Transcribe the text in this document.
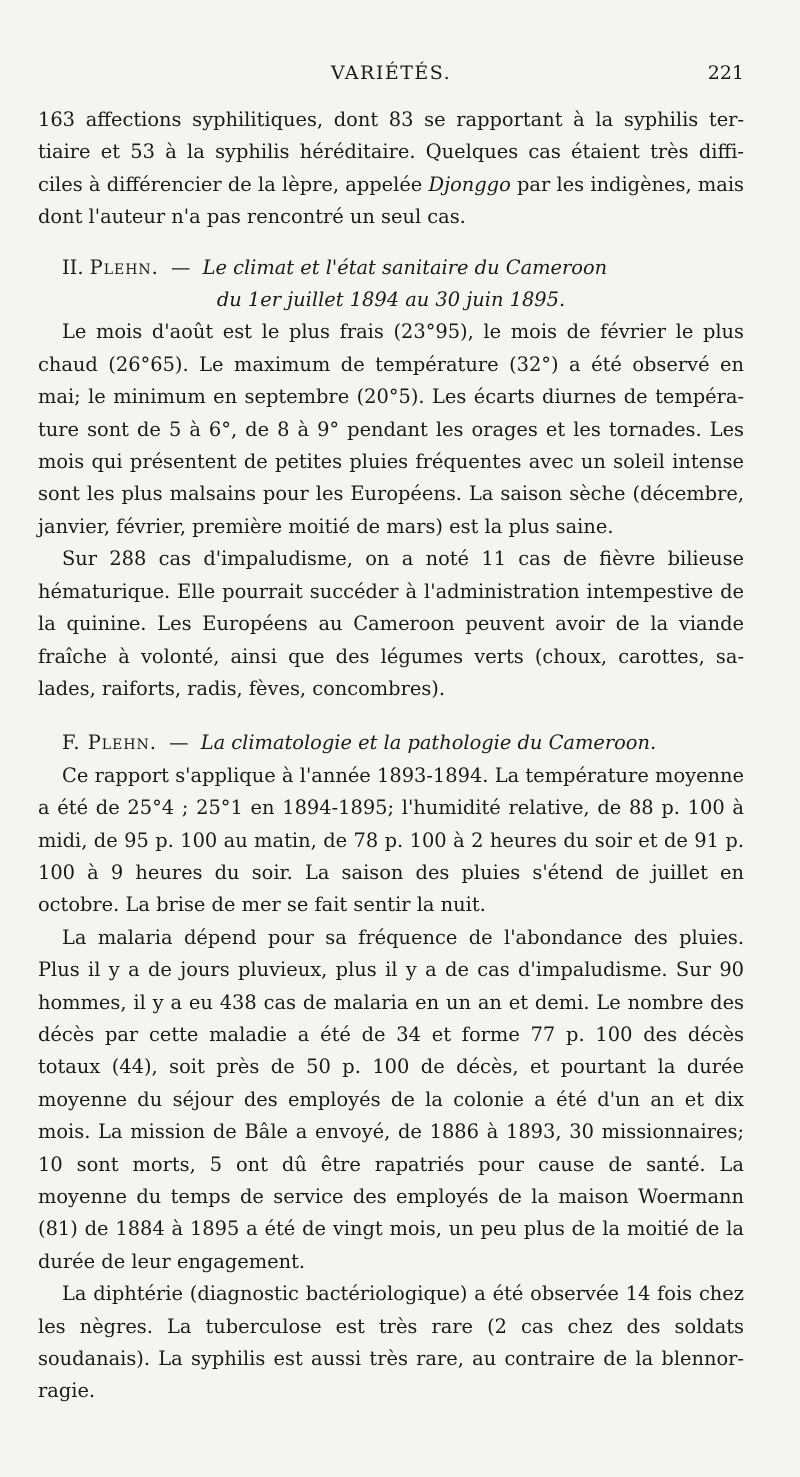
VARIÉTÉS.	221

163 affections syphilitiques, dont 83 se rapportant à la syphilis ter- tiaire et 53 à la syphilis héréditaire. Quelques cas étaient très diffi- ciles à différencier de la lèpre, appelée Djonggo par les indigènes, mais dont l'auteur n'a pas rencontré un seul cas.

II. Plehn. — Le climat et l'état sanitaire du Cameroon

du 1er juillet 1894 au 30 juin 1895.

Le mois d'août est le plus frais (23°95), le mois de février le plus chaud (26°65). Le maximum de température (32°) a été observé en mai; le minimum en septembre (20°5). Les écarts diurnes de tempéra-ture sont de 5 à 6°, de 8 à 9° pendant les orages et les tornades. Les mois qui présentent de petites pluies fréquentes avec un soleil intense sont les plus malsains pour les Européens. La saison sèche (décembre, janvier, février, première moitié de mars) est la plus saine.

Sur 288 cas d'impaludisme, on a noté 11 cas de fièvre bilieuse hématurique. Elle pourrait succéder à l'administration intempestive de la quinine. Les Européens au Cameroon peuvent avoir de la viande fraîche à volonté, ainsi que des légumes verts (choux, carottes, sa-lades, raiforts, radis, fèves, concombres).

F. Plehn. — La climatologie et la pathologie du Cameroon.

Ce rapport s'applique à l'année 1893-1894. La température moyenne a été de 25°4 ; 25°1 en 1894-1895; l'humidité relative, de 88 p. 100 à midi, de 95 p. 100 au matin, de 78 p. 100 à 2 heures du soir et de 91 p. 100 à 9 heures du soir. La saison des pluies s'étend de juillet en octobre. La brise de mer se fait sentir la nuit.

La malaria dépend pour sa fréquence de l'abondance des pluies. Plus il y a de jours pluvieux, plus il y a de cas d'impaludisme. Sur 90 hommes, il y a eu 438 cas de malaria en un an et demi. Le nombre des décès par cette maladie a été de 34 et forme 77 p. 100 des décès totaux (44), soit près de 50 p. 100 de décès, et pourtant la durée moyenne du séjour des employés de la colonie a été d'un an et dix mois. La mission de Bâle a envoyé, de 1886 à 1893, 30 missionnaires; 10 sont morts, 5 ont dû être rapatriés pour cause de santé. La moyenne du temps de service des employés de la maison Woermann (81) de 1884 à 1895 a été de vingt mois, un peu plus de la moitié de la durée de leur engagement.

La diphtérie (diagnostic bactériologique) a été observée 14 fois chez les nègres. La tuberculose est très rare (2 cas chez des soldats soudanais). La syphilis est aussi très rare, au contraire de la blennor-ragie.
